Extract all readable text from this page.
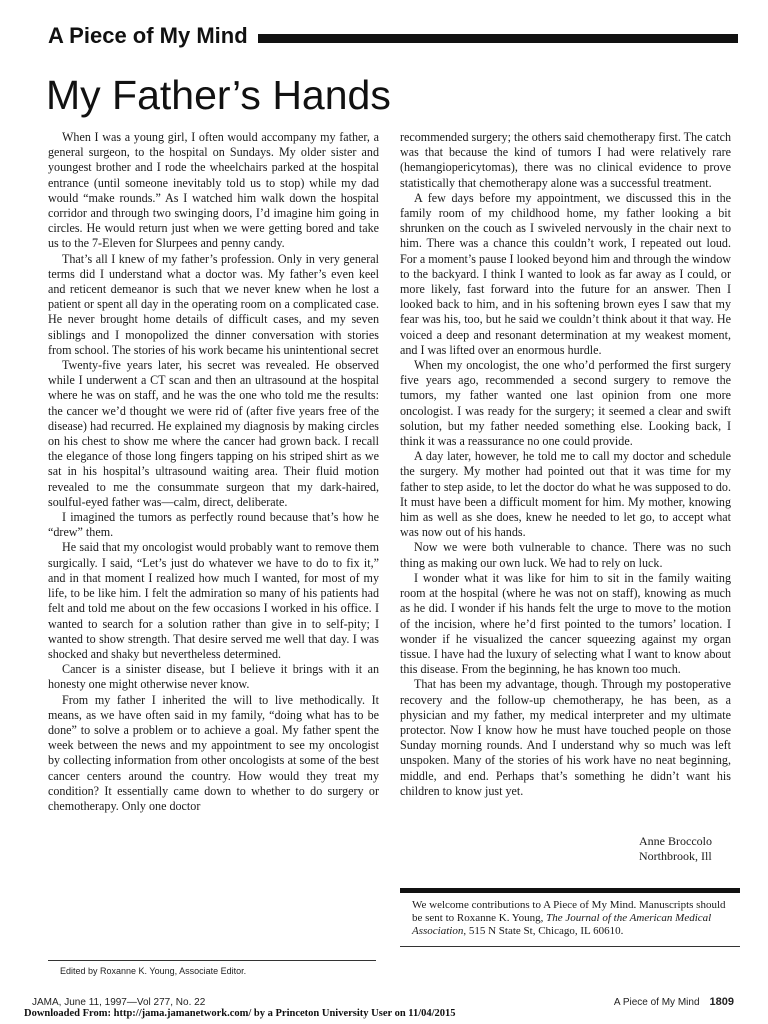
A Piece of My Mind
My Father’s Hands

When I was a young girl, I often would accompany my father, a general surgeon, to the hospital on Sundays. My older sister and youngest brother and I rode the wheelchairs parked at the hospital entrance (until someone inevitably told us to stop) while my dad would “make rounds.” As I watched him walk down the hospital corridor and through two swinging doors, I’d imagine him going in circles. He would return just when we were getting bored and take us to the 7-Eleven for Slurpees and penny candy.

That’s all I knew of my father’s profession. Only in very general terms did I understand what a doctor was. My father’s even keel and reticent demeanor is such that we never knew when he lost a patient or spent all day in the operating room on a complicated case. He never brought home details of difficult cases, and my seven siblings and I monopolized the dinner conversation with stories from school. The stories of his work became his unintentional secret

Twenty-five years later, his secret was revealed. He observed while I underwent a CT scan and then an ultrasound at the hospital where he was on staff, and he was the one who told me the results: the cancer we’d thought we were rid of (after five years free of the disease) had recurred. He explained my diagnosis by making circles on his chest to show me where the cancer had grown back. I recall the elegance of those long fingers tapping on his striped shirt as we sat in his hospital’s ultrasound waiting area. Their fluid motion revealed to me the consummate surgeon that my dark-haired, soulful-eyed father was—calm, direct, deliberate.

I imagined the tumors as perfectly round because that’s how he “drew” them.

He said that my oncologist would probably want to remove them surgically. I said, “Let’s just do whatever we have to do to fix it,” and in that moment I realized how much I wanted, for most of my life, to be like him. I felt the admiration so many of his patients had felt and told me about on the few occasions I worked in his office. I wanted to search for a solution rather than give in to self-pity; I wanted to show strength. That desire served me well that day. I was shocked and shaky but nevertheless determined.

Cancer is a sinister disease, but I believe it brings with it an honesty one might otherwise never know.

From my father I inherited the will to live methodically. It means, as we have often said in my family, “doing what has to be done” to solve a problem or to achieve a goal. My father spent the week between the news and my appointment to see my oncologist by collecting information from other oncologists at some of the best cancer centers around the country. How would they treat my condition? It essentially came down to whether to do surgery or chemotherapy. Only one doctor

recommended surgery; the others said chemotherapy first. The catch was that because the kind of tumors I had were relatively rare (hemangiopericytomas), there was no clinical evidence to prove statistically that chemotherapy alone was a successful treatment.

A few days before my appointment, we discussed this in the family room of my childhood home, my father looking a bit shrunken on the couch as I swiveled nervously in the chair next to him. There was a chance this couldn’t work, I repeated out loud. For a moment’s pause I looked beyond him and through the window to the backyard. I think I wanted to look as far away as I could, or more likely, fast forward into the future for an answer. Then I looked back to him, and in his softening brown eyes I saw that my fear was his, too, but he said we couldn’t think about it that way. He voiced a deep and resonant determination at my weakest moment, and I was lifted over an enormous hurdle.

When my oncologist, the one who’d performed the first surgery five years ago, recommended a second surgery to remove the tumors, my father wanted one last opinion from one more oncologist. I was ready for the surgery; it seemed a clear and swift solution, but my father needed something else. Looking back, I think it was a reassurance no one could provide.

A day later, however, he told me to call my doctor and schedule the surgery. My mother had pointed out that it was time for my father to step aside, to let the doctor do what he was supposed to do. It must have been a difficult moment for him. My mother, knowing him as well as she does, knew he needed to let go, to accept what was now out of his hands.

Now we were both vulnerable to chance. There was no such thing as making our own luck. We had to rely on luck.

I wonder what it was like for him to sit in the family waiting room at the hospital (where he was not on staff), knowing as much as he did. I wonder if his hands felt the urge to move to the motion of the incision, where he’d first pointed to the tumors’ location. I wonder if he visualized the cancer squeezing against my organ tissue. I have had the luxury of selecting what I want to know about this disease. From the beginning, he has known too much.

That has been my advantage, though. Through my postoperative recovery and the follow-up chemotherapy, he has been, as a physician and my father, my medical interpreter and my ultimate protector. Now I know how he must have touched people on those Sunday morning rounds. And I understand why so much was left unspoken. Many of the stories of his work have no neat beginning, middle, and end. Perhaps that’s something he didn’t want his children to know just yet.

Anne Broccolo
Northbrook, Ill
We welcome contributions to A Piece of My Mind. Manuscripts should be sent to Roxanne K. Young, The Journal of the American Medical Association, 515 N State St, Chicago, IL 60610.
Edited by Roxanne K. Young, Associate Editor.
JAMA, June 11, 1997—Vol 277, No. 22	A Piece of My Mind 1809
Downloaded From: http://jama.jamanetwork.com/ by a Princeton University User on 11/04/2015
